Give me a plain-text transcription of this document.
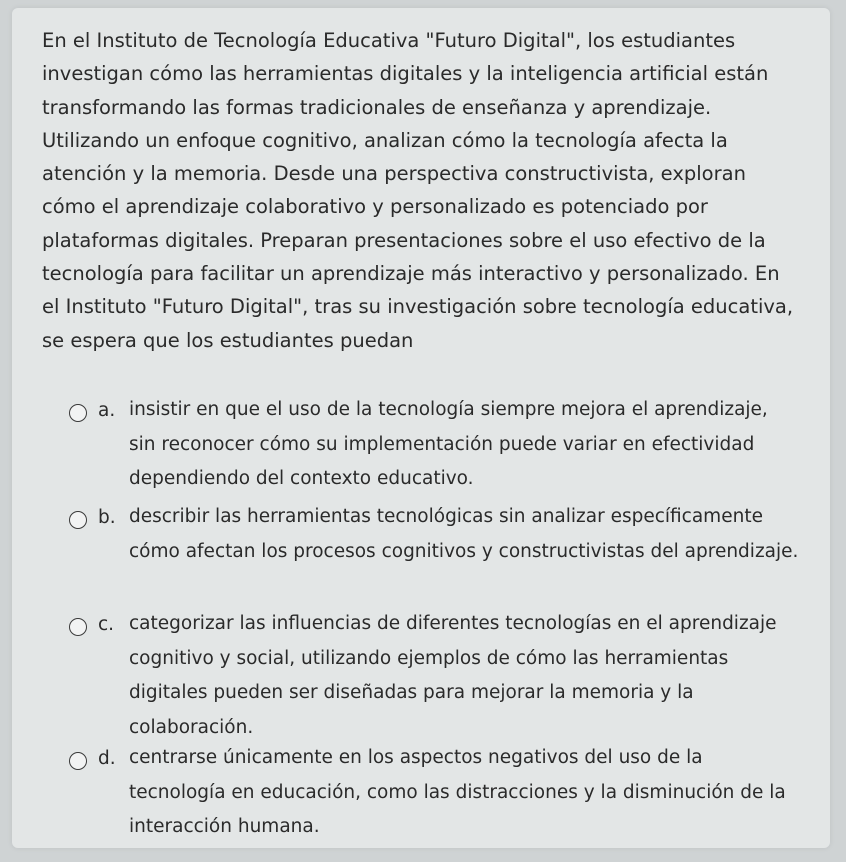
En el Instituto de Tecnología Educativa "Futuro Digital", los estudiantes investigan cómo las herramientas digitales y la inteligencia artificial están transformando las formas tradicionales de enseñanza y aprendizaje. Utilizando un enfoque cognitivo, analizan cómo la tecnología afecta la atención y la memoria. Desde una perspectiva constructivista, exploran cómo el aprendizaje colaborativo y personalizado es potenciado por plataformas digitales. Preparan presentaciones sobre el uso efectivo de la tecnología para facilitar un aprendizaje más interactivo y personalizado. En el Instituto "Futuro Digital", tras su investigación sobre tecnología educativa, se espera que los estudiantes puedan

a. insistir en que el uso de la tecnología siempre mejora el aprendizaje, sin reconocer cómo su implementación puede variar en efectividad dependiendo del contexto educativo.
b. describir las herramientas tecnológicas sin analizar específicamente cómo afectan los procesos cognitivos y constructivistas del aprendizaje.
c. categorizar las influencias de diferentes tecnologías en el aprendizaje cognitivo y social, utilizando ejemplos de cómo las herramientas digitales pueden ser diseñadas para mejorar la memoria y la colaboración.
d. centrarse únicamente en los aspectos negativos del uso de la tecnología en educación, como las distracciones y la disminución de la interacción humana.
